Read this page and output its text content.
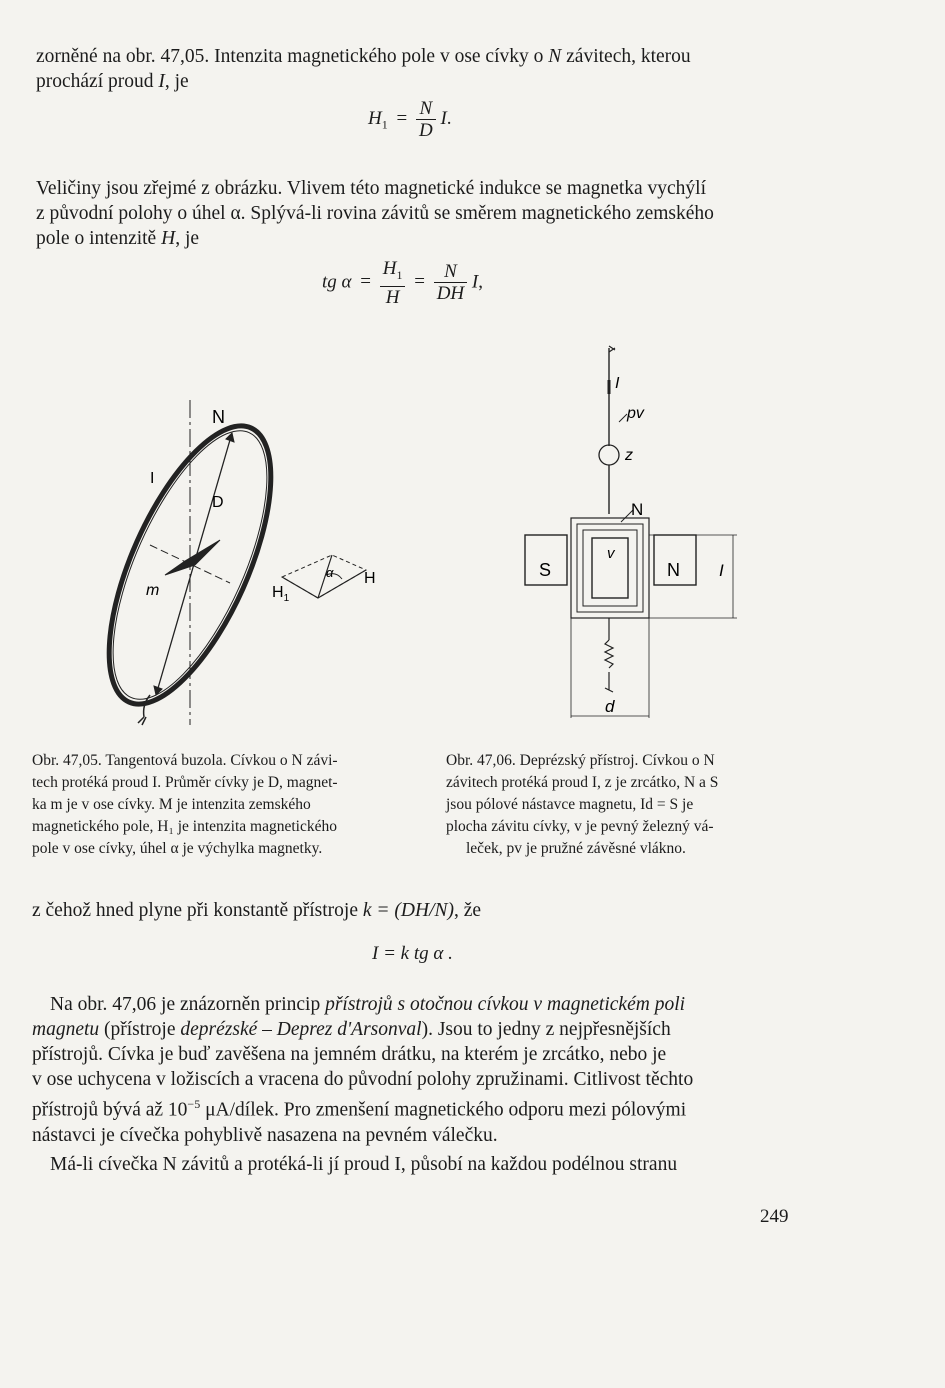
zorněné na obr. 47,05. Intenzita magnetického pole v ose cívky o N závitech, kterou
prochází proud I, je

$H_1 = \frac{N}{D} I$.

Veličiny jsou zřejmé z obrázku. Vlivem této magnetické indukce se magnetka vychýlí
z původní polohy o úhel α. Splývá-li rovina závitů se směrem magnetického zemského
pole o intenzitě H, je

tg $\alpha = \frac{H_1}{H} = \frac{N}{DH} I$,
N
I
D
m
α H
$H_1$
I
pv
z
N
v
S	N I
d

Obr. 47,05. Tangentová buzola. Cívkou o N závi-
tech protéká proud I. Průměr cívky je D, magnet-
ka m je v ose cívky. M je intenzita zemského
magnetického pole, H₁ je intenzita magnetického
pole v ose cívky, úhel α je výchylka magnetky.

Obr. 47,06. Deprézský přístroj. Cívkou o N
závitech protéká proud I, z je zrcátko, N a S
jsou pólové nástavce magnetu, Id = S je
plocha závitu cívky, v je pevný železný vá-
leček, pv je pružné závěsné vlákno.

z čehož hned plyne při konstantě přístroje k = (DH/N), že

I = k tg α .

Na obr. 47,06 je znázorněn princip přístrojů s otočnou cívkou v magnetickém poli
magnetu (přístroje deprézské – Deprez d'Arsonval). Jsou to jedny z nejpřesnějších
přístrojů. Cívka je buď zavěšena na jemném drátku, na kterém je zrcátko, nebo je
v ose uchycena v ložiscích a vracena do původní polohy zpružinami. Citlivost těchto
přístrojů bývá až $10^{-5}$ μA/dílek. Pro zmenšení magnetického odporu mezi pólovými
nástavci je cívečka pohyblivě nasazena na pevném válečku.

Má-li cívečka N závitů a protéká-li jí proud I, působí na každou podélnou stranu

249
